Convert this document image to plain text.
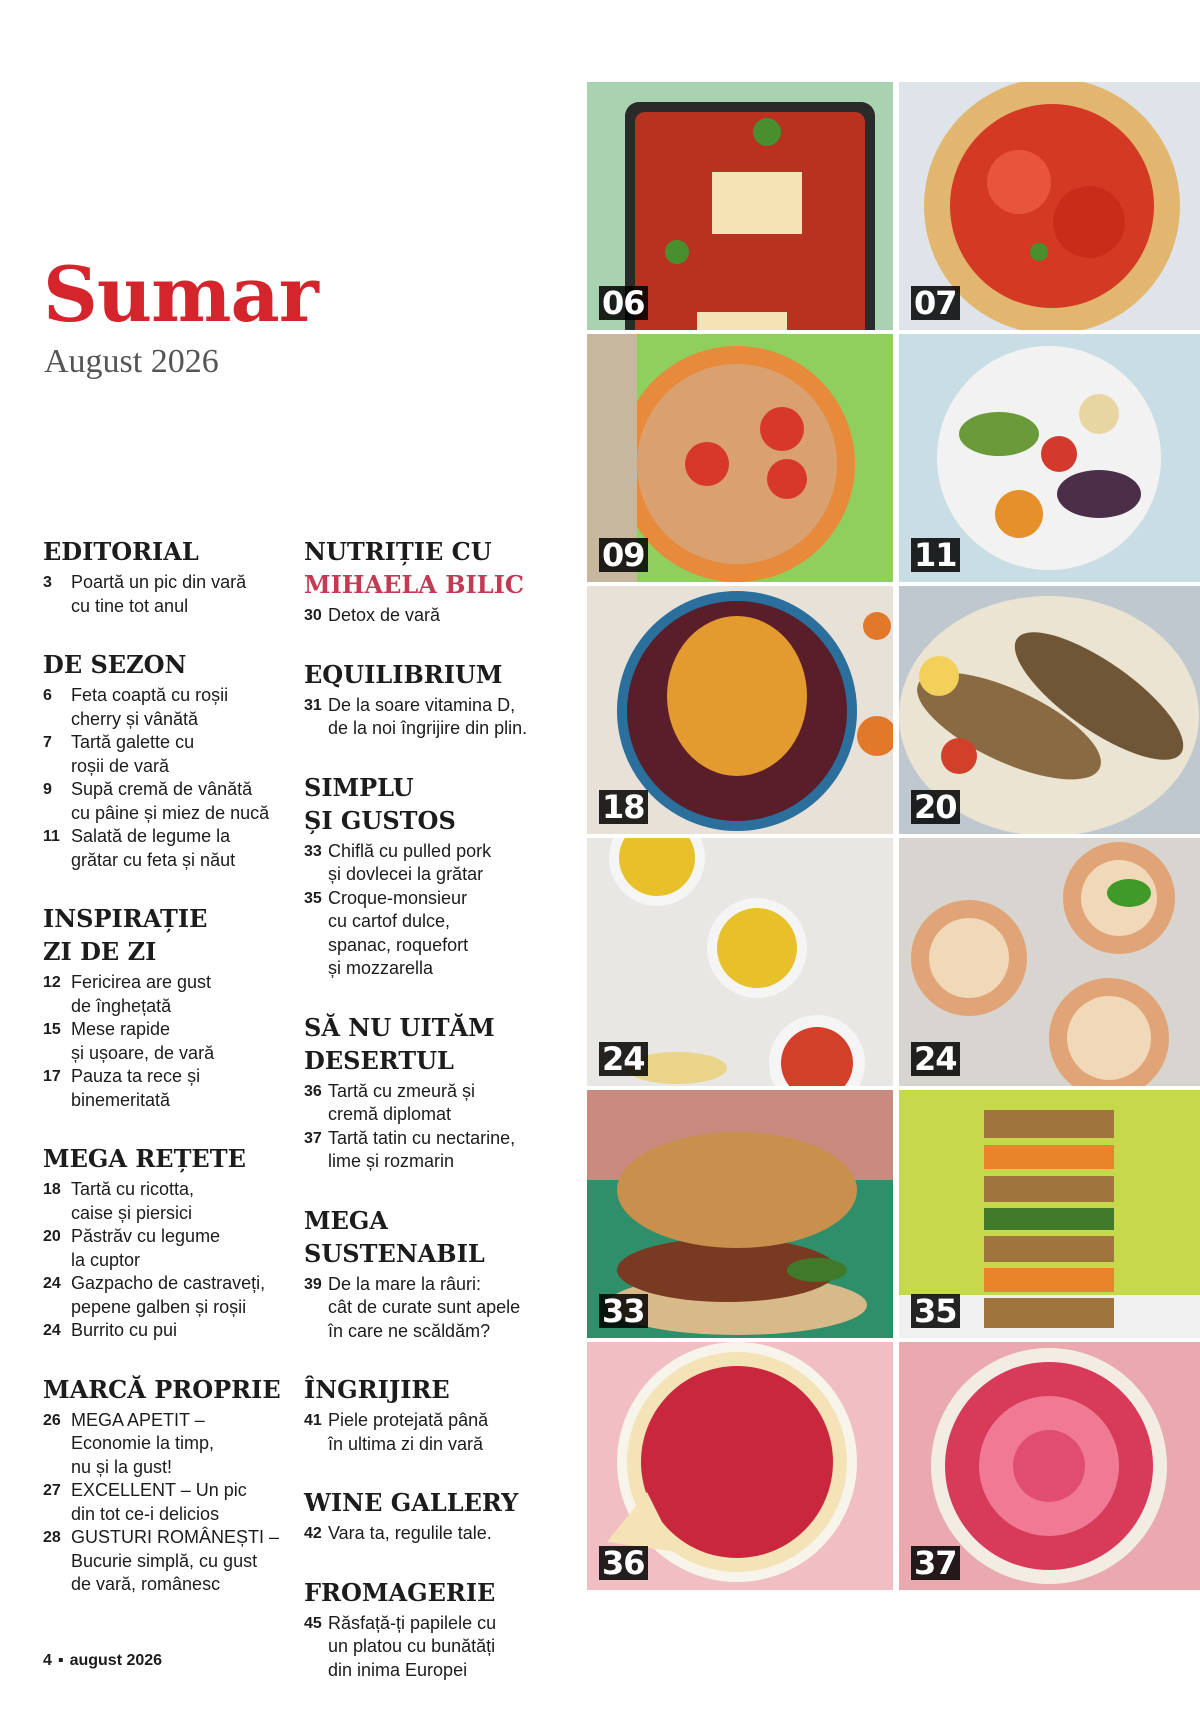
Sumar
August 2026
EDITORIAL
3	Poartă un pic din vară
cu tine tot anul
DE SEZON
6	Feta coaptă cu roșii
cherry și vânătă
7	Tartă galette cu
roșii de vară
9	Supă cremă de vânătă
cu pâine și miez de nucă
11 Salată de legume la
grătar cu feta și năut
INSPIRAȚIE
ZI DE ZI
12 Fericirea are gust
de înghețată
15 Mese rapide
și ușoare, de vară
17 Pauza ta rece și
binemeritată
MEGA REȚETE
18 Tartă cu ricotta,
caise și piersici
20 Păstrăv cu legume
la cuptor
24 Gazpacho de castraveți,
pepene galben și roșii
24 Burrito cu pui
MARCĂ PROPRIE
26 MEGA APETIT –
Economie la timp,
nu și la gust!
27 EXCELLENT – Un pic
din tot ce-i delicios
28 GUSTURI ROMÂNEȘTI –
Bucurie simplă, cu gust
de vară, românesc
NUTRIȚIE CU
MIHAELA BILIC
30 Detox de vară
EQUILIBRIUM
31 De la soare vitamina D,
de la noi îngrijire din plin.
SIMPLU
ȘI GUSTOS
33 Chiflă cu pulled pork
și dovlecei la grătar
35 Croque-monsieur
cu cartof dulce,
spanac, roquefort
și mozzarella
SĂ NU UITĂM
DESERTUL
36 Tartă cu zmeură și
cremă diplomat
37 Tartă tatin cu nectarine,
lime și rozmarin
MEGA
SUSTENABIL
39 De la mare la râuri:
cât de curate sunt apele
în care ne scăldăm?
ÎNGRIJIRE
41 Piele protejată până
în ultima zi din vară
WINE GALLERY
42 Vara ta, regulile tale.
FROMAGERIE
45 Răsfață-ți papilele cu
un platou cu bunătăți
din inima Europei
06	07
09	11
18	20
24	24
33	35
36	37
4 ▪ august 2026
